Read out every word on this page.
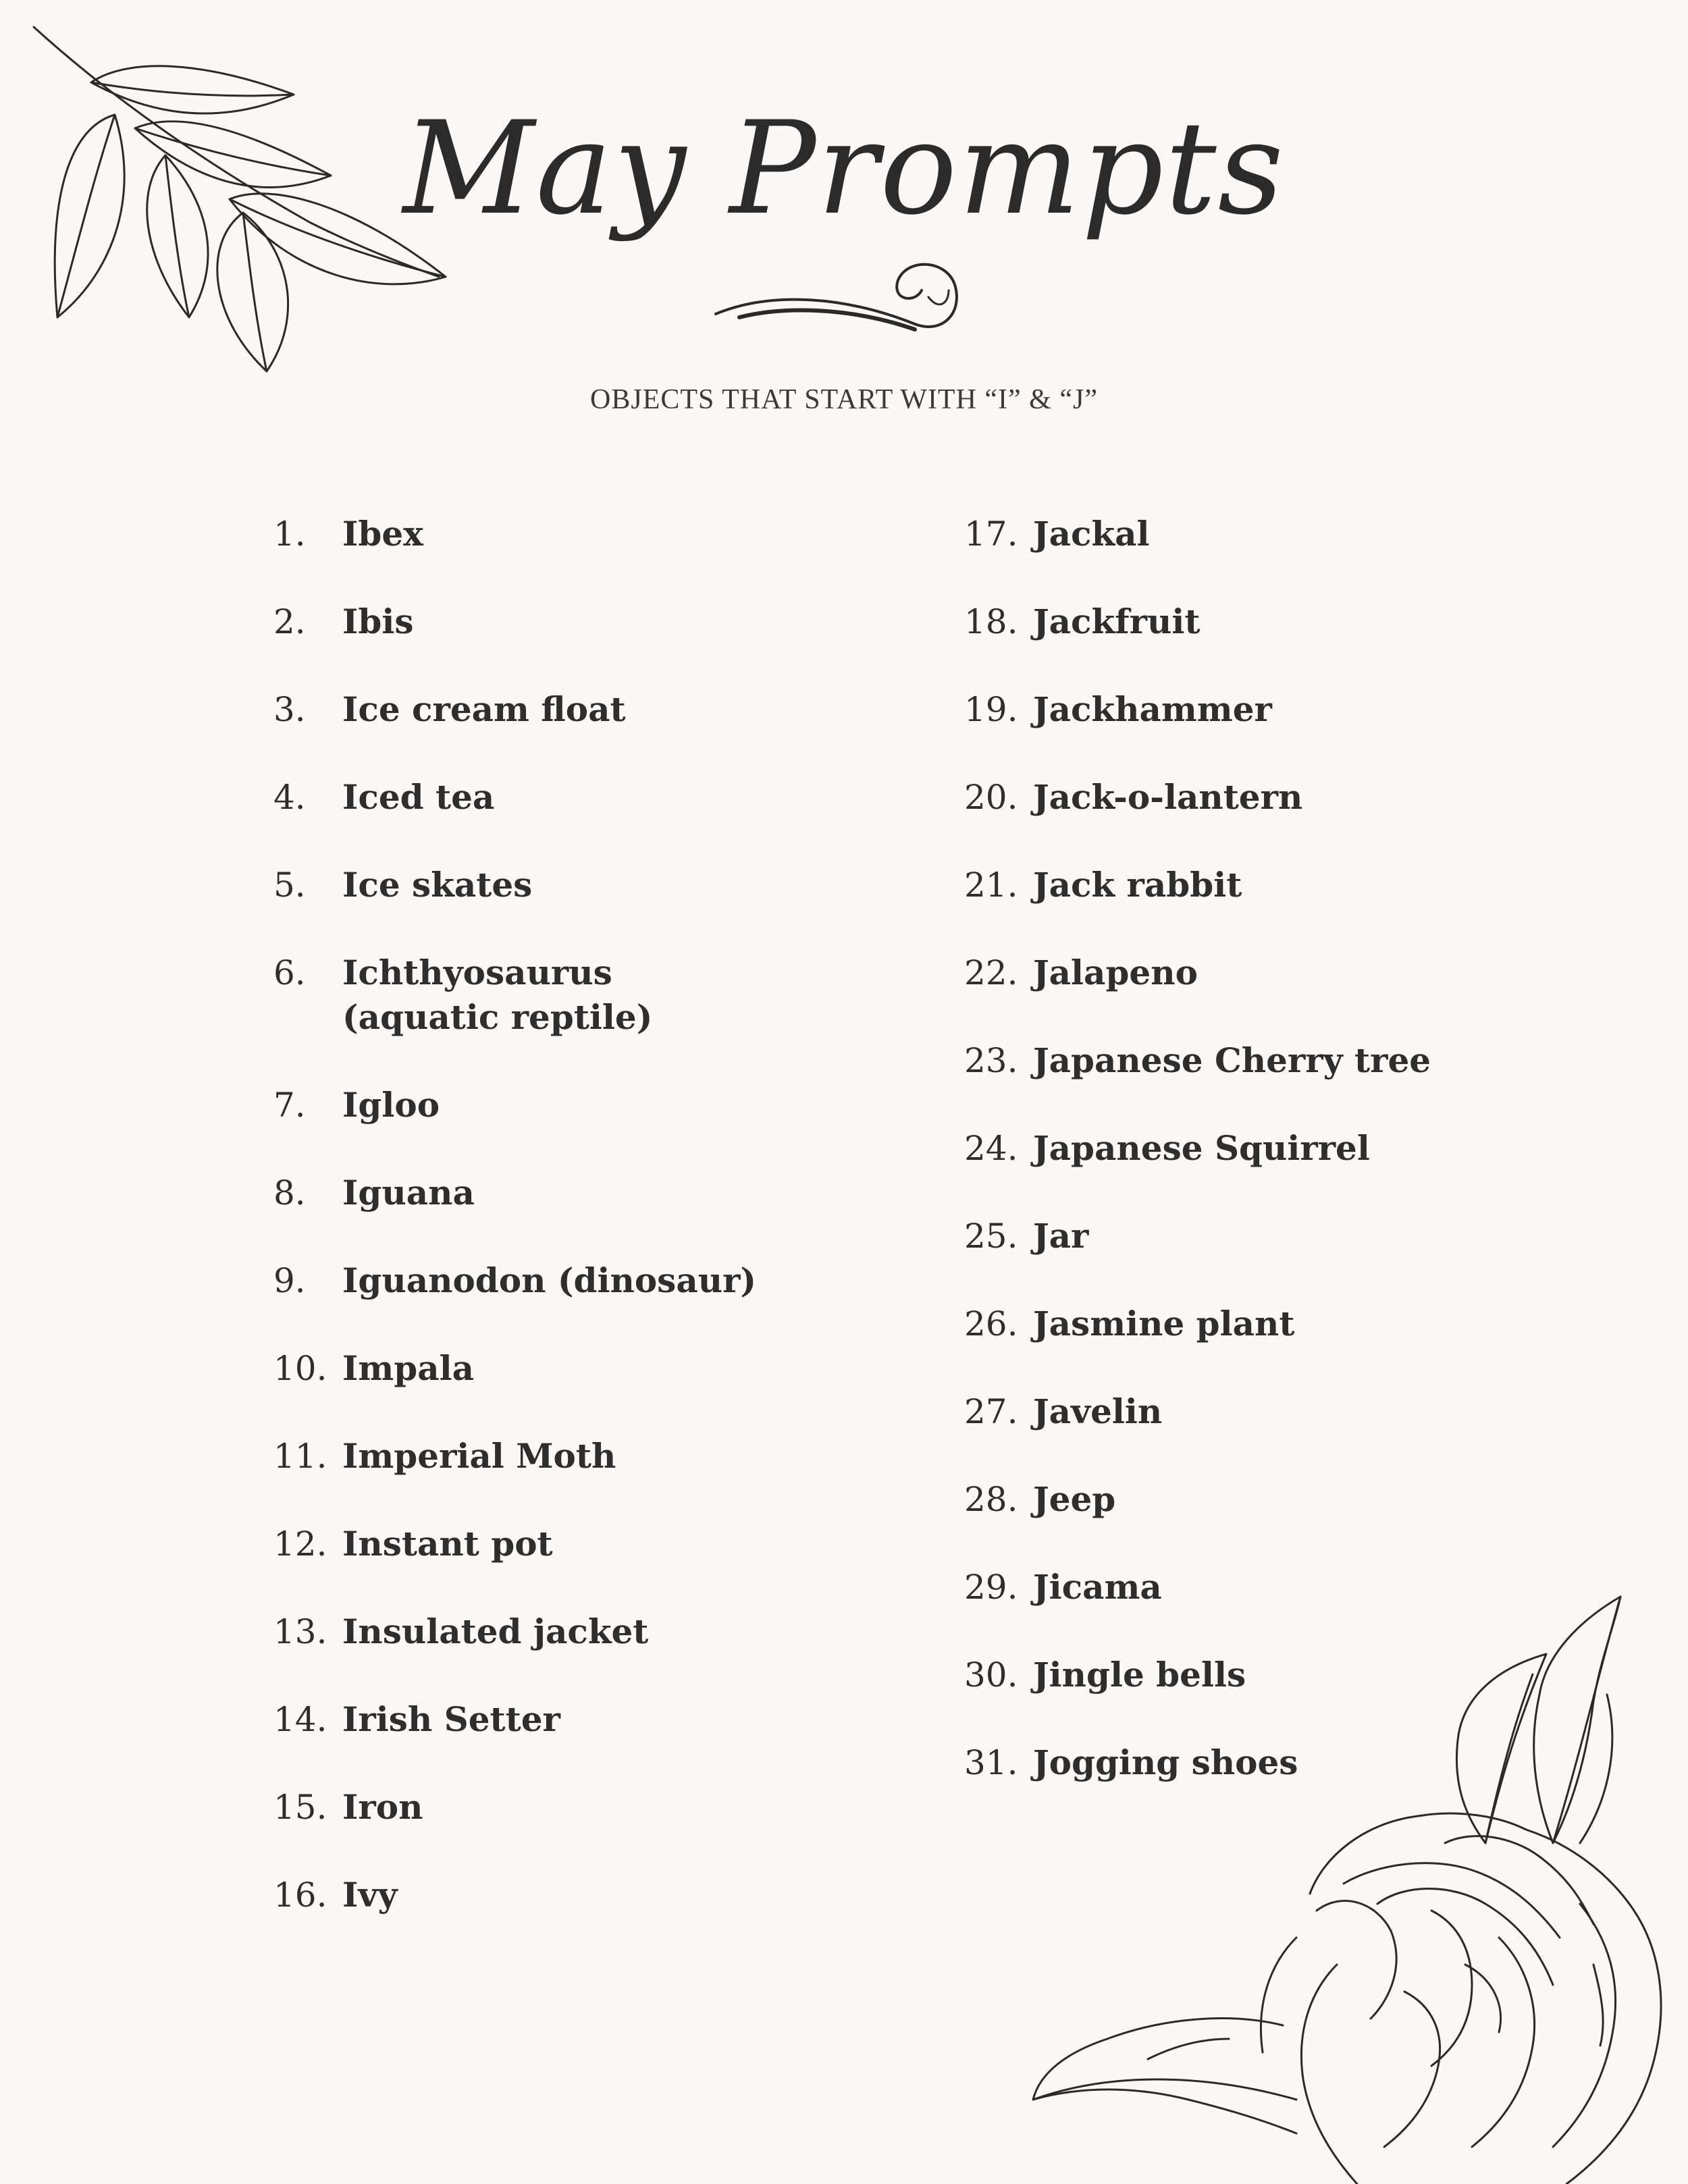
May Prompts
OBJECTS THAT START WITH “I” & “J”
1. Ibex
2. Ibis
3. Ice cream float
4. Iced tea
5. Ice skates
6. Ichthyosaurus (aquatic reptile)
7. Igloo
8. Iguana
9. Iguanodon (dinosaur)
10. Impala
11. Imperial Moth
12. Instant pot
13. Insulated jacket
14. Irish Setter
15. Iron
16. Ivy
17. Jackal
18. Jackfruit
19. Jackhammer
20. Jack-o-lantern
21. Jack rabbit
22. Jalapeno
23. Japanese Cherry tree
24. Japanese Squirrel
25. Jar
26. Jasmine plant
27. Javelin
28. Jeep
29. Jicama
30. Jingle bells
31. Jogging shoes
